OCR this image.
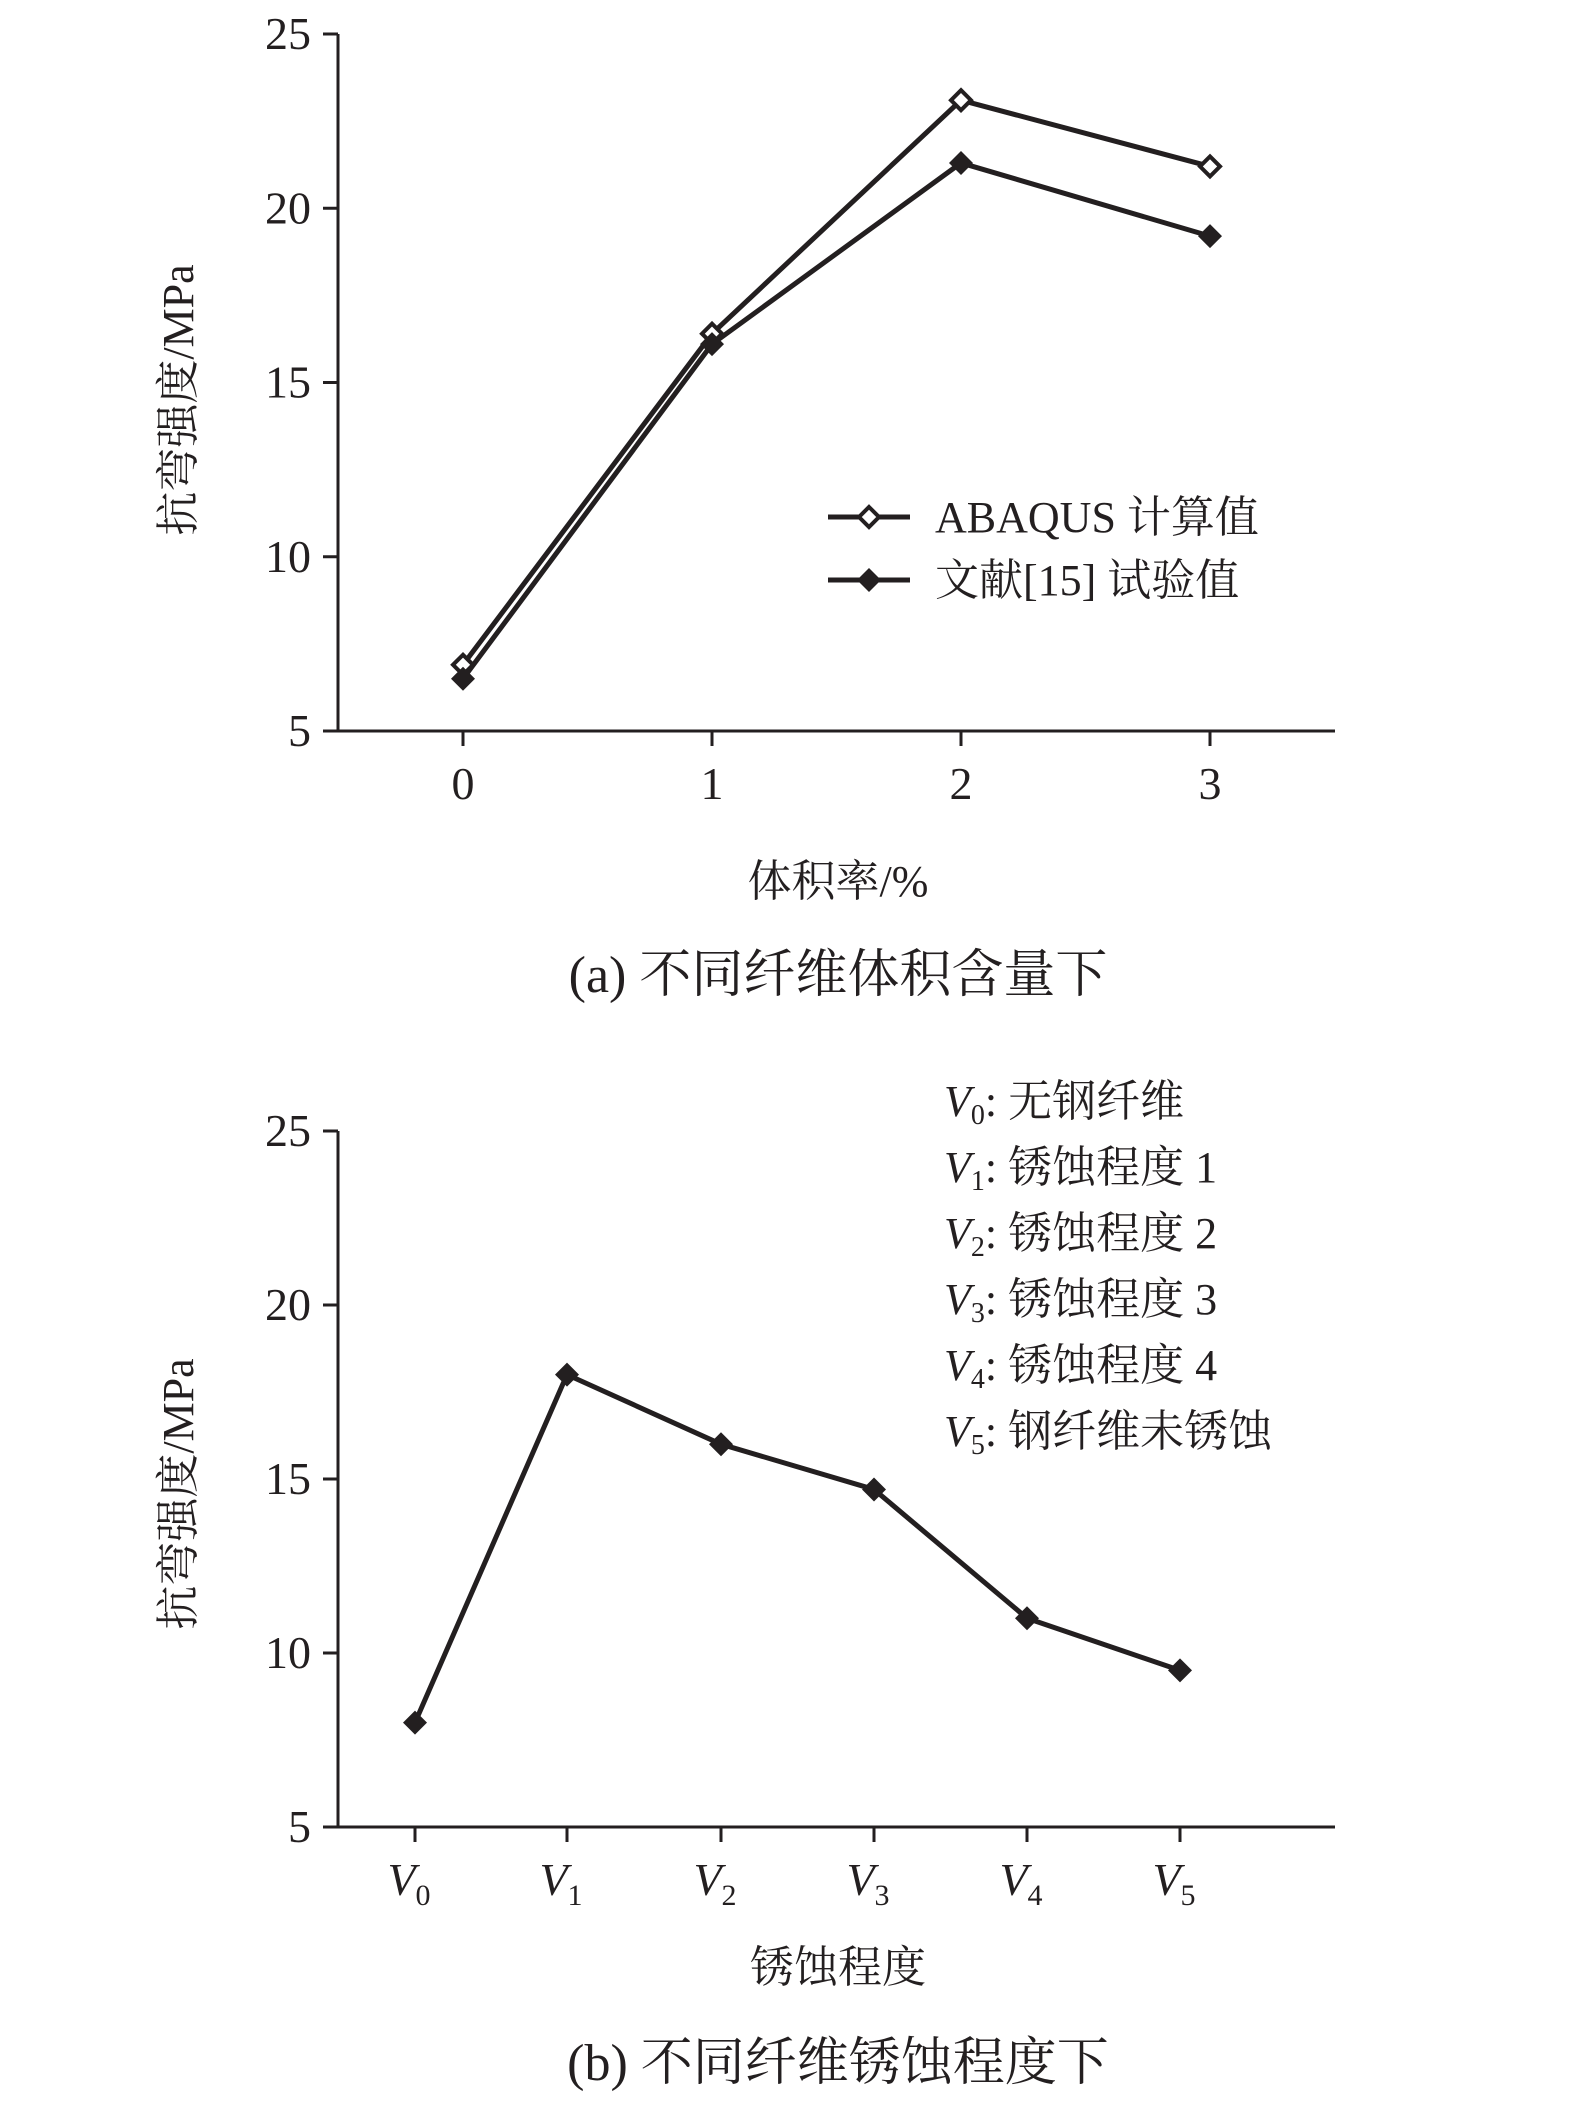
5
10
15
20
25
0	1	2	3
ABAQUS 计算值
文献[15] 试验值
体积率/%
抗弯强度/MPa
(a) 不同纤维体积含量下
5
10
15
20
25
$V_0$ $V_1$ $V_2$ $V_3$ $V_4$ $V_5$
V0: 无钢纤维
V1: 锈蚀程度 1
V2: 锈蚀程度 2
V3: 锈蚀程度 3
V4: 锈蚀程度 4
V5: 钢纤维未锈蚀
锈蚀程度
抗弯强度/MPa
(b) 不同纤维锈蚀程度下
